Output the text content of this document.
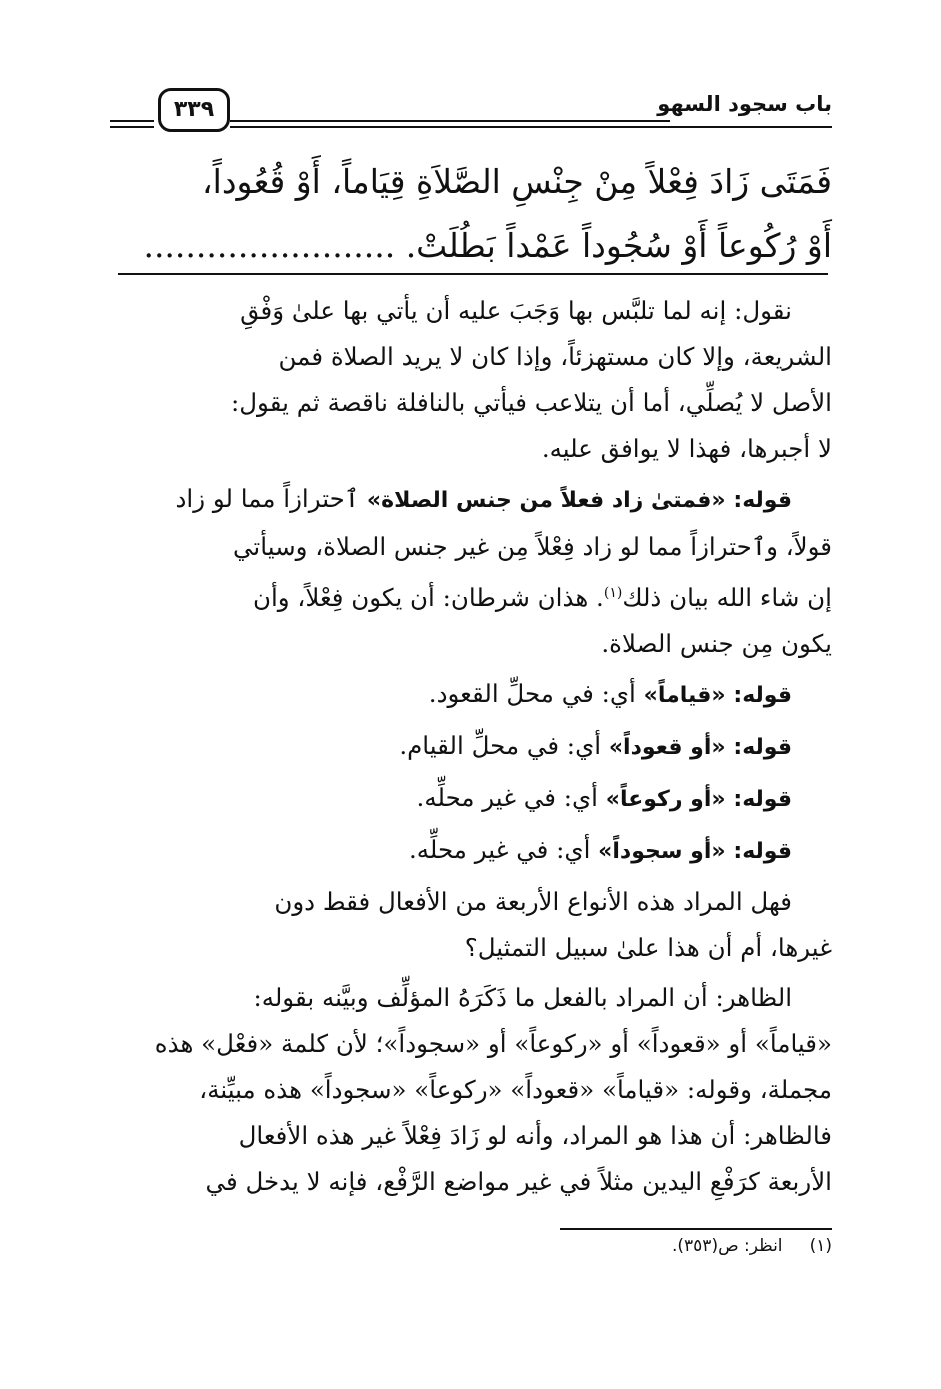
باب سجود السهو
٣٣٩
فَمَتَى زَادَ فِعْلاً مِنْ جِنْسِ الصَّلاَةِ قِيَاماً، أَوْ قُعُوداً،
أَوْ رُكُوعاً أَوْ سُجُوداً عَمْداً بَطُلَتْ. ........................
نقول: إنه لما تلبَّس بها وَجَبَ عليه أن يأتي بها علىٰ وَفْقِ
الشريعة، وإلا كان مستهزئاً، وإذا كان لا يريد الصلاة فمن
الأصل لا يُصلِّي، أما أن يتلاعب فيأتي بالنافلة ناقصة ثم يقول:
لا أجبرها، فهذا لا يوافق عليه.
قوله: «فمتىٰ زاد فعلاً من جنس الصلاة» ٱحترازاً مما لو زاد
قولاً، وٱحترازاً مما لو زاد فِعْلاً مِن غير جنس الصلاة، وسيأتي
إن شاء الله بيان ذلك$^{(١)}$. هذان شرطان: أن يكون فِعْلاً، وأن
يكون مِن جنس الصلاة.
قوله: «قياماً» أي: في محلِّ القعود.
قوله: «أو قعوداً» أي: في محلِّ القيام.
قوله: «أو ركوعاً» أي: في غير محلِّه.
قوله: «أو سجوداً» أي: في غير محلِّه.
فهل المراد هذه الأنواع الأربعة من الأفعال فقط دون
غيرها، أم أن هذا علىٰ سبيل التمثيل؟
الظاهر: أن المراد بالفعل ما ذَكَرَهُ المؤلِّف وبيَّنه بقوله:
«قياماً» أو «قعوداً» أو «ركوعاً» أو «سجوداً»؛ لأن كلمة «فعْل» هذه
مجملة، وقوله: «قياماً» «قعوداً» «ركوعاً» «سجوداً» هذه مبيِّنة،
فالظاهر: أن هذا هو المراد، وأنه لو زَادَ فِعْلاً غير هذه الأفعال
الأربعة كرَفْعِ اليدين مثلاً في غير مواضع الرَّفْع، فإنه لا يدخل في
(١)     انظر: ص(٣٥٣).
